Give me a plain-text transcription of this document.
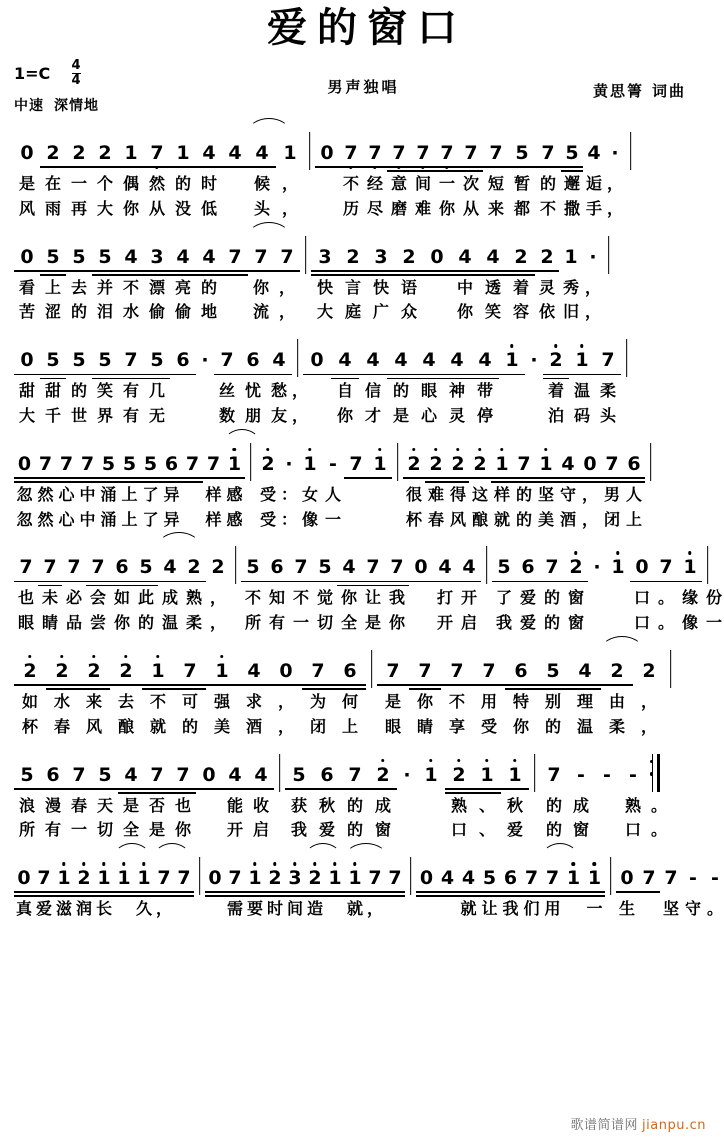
爱的窗口
男声独唱
$1=C \frac{4}{4}$
中速 深情地
黄思箐 词曲
0 2 2 2 1 7 1 4 4 4 1	0 7 7 7 7 7 7 7 5 7 5 4 ·
是 在 一 个 偶 然 的 时
	候 ，

	不 经 意 间 一 次 短 暂 的 邂 逅 ，
风 雨 再 大 你 从 没 低
	头 ，

	历 尽 磨 难 你 从 来 都 不 撒 手 ，
0 5 5 5 4 3 4 4 7 7 7	3 2 3 2 0 4 4 2 2 1 ·
看 上 去 并 不 漂 亮 的
	你 ，
	快 言 快 语
	中 透 着 灵 秀 ，
苦 涩 的 泪 水 偷 偷 地
	流 ，
	大 庭 广 众
	你 笑 容 依 旧 ，
0 5 5 5 7 5 6 · 7 6 4	0 4 4 4 4 4 4 1 · 2 1 7
甜 甜 的 笑 有 几

	丝 忧 愁 ，
	自 信 的 眼 神 带

	着 温 柔
大 千 世 界 有 无

	数 朋 友 ，
	你 才 是 心 灵 停

	泊 码 头
0 7 7 7 5 5 5 6 7 7 1 2 · 1 - 7 1 2 2 2 2 1 7 1 4 0 7 6
忽 然 心 中 涌 上 了 异
样 感
受 ： 女 人

	很 难 得 这 样 的 坚 守 ， 男 人
忽 然 心 中 涌 上 了 异
样 感
受 ： 像 一

	杯 春 风 酿 就 的 美 酒 ， 闭 上
7 7 7 7 6 5 4 2 2 5 6 7 5 4 7 7 0 4 4 5 6 7 2 · 1 0 7 1
也 未 必 会 如 此 成 熟 ，
不 知 不 觉 你 让 我
打 开
了 爱 的 窗

	口 。 缘 份
眼 睛 品 尝 你 的 温 柔 ，
所 有 一 切 全 是 你
开 启
我 爱 的 窗

	口 。 像 一
2 2 2 2 1 7 1 4 0 7 6	7 7 7 7 6 5 4 2 2
如 水 来 去 不 可 强 求 ， 为 何
	是 你 不 用 特 别 理 由 ，
杯 春 风 酿 就 的 美 酒 ， 闭 上
	眼 睛 享 受 你 的 温 柔 ，
5 6 7 5 4 7 7 0 4 4	5 6 7 2 · 1 2 1 1	7 - - -
浪 漫 春 天 是 否 也
	能 收
	获 秋 的 成

	熟 、 秋
	的 成
	熟 。
所 有 一 切 全 是 你
	开 启
	我 爱 的 窗

	口 、 爱
	的 窗
	口 。
0 7 1 2 1 1 1 7 7 0 7 1 2 3 2 1 1 7 7 0 4 4 5 6 7 7 1 1 0 7 7 - -
真 爱 滋 润 长
久 ，

	需 要 时 间 造
就 ，

	就 让 我 们 用
一
生
坚 守 。
歌谱简谱网 jianpu.cn
